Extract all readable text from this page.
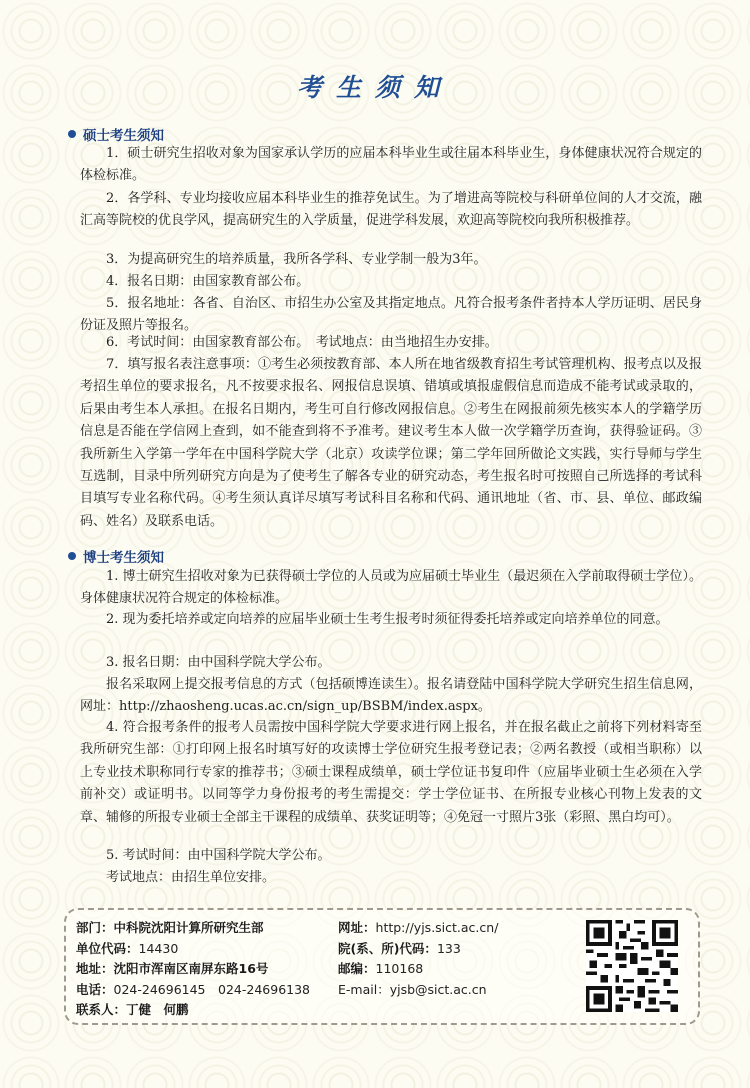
考生须知
硕士考生须知

1．硕士研究生招收对象为国家承认学历的应届本科毕业生或往届本科毕业生，身体健康状况符合规定的体检标准。

2．各学科、专业均接收应届本科毕业生的推荐免试生。为了增进高等院校与科研单位间的人才交流，融汇高等院校的优良学风，提高研究生的入学质量，促进学科发展，欢迎高等院校向我所积极推荐。

3．为提高研究生的培养质量，我所各学科、专业学制一般为3年。

4．报名日期：由国家教育部公布。

5．报名地址：各省、自治区、市招生办公室及其指定地点。凡符合报考条件者持本人学历证明、居民身份证及照片等报名。

6．考试时间：由国家教育部公布。　考试地点：由当地招生办安排。

7．填写报名表注意事项：①考生必须按教育部、本人所在地省级教育招生考试管理机构、报考点以及报考招生单位的要求报名，凡不按要求报名、网报信息误填、错填或填报虚假信息而造成不能考试或录取的，后果由考生本人承担。在报名日期内，考生可自行修改网报信息。②考生在网报前须先核实本人的学籍学历信息是否能在学信网上查到，如不能查到将不予准考。建议考生本人做一次学籍学历查询，获得验证码。③我所新生入学第一学年在中国科学院大学（北京）攻读学位课；第二学年回所做论文实践，实行导师与学生互选制，目录中所列研究方向是为了使考生了解各专业的研究动态，考生报名时可按照自己所选择的考试科目填写专业名称代码。④考生须认真详尽填写考试科目名称和代码、通讯地址（省、市、县、单位、邮政编码、姓名）及联系电话。

博士考生须知

1. 博士研究生招收对象为已获得硕士学位的人员或为应届硕士毕业生（最迟须在入学前取得硕士学位）。身体健康状况符合规定的体检标准。

2. 现为委托培养或定向培养的应届毕业硕士生考生报考时须征得委托培养或定向培养单位的同意。

3. 报名日期：由中国科学院大学公布。

报名采取网上提交报考信息的方式（包括硕博连读生）。报名请登陆中国科学院大学研究生招生信息网，网址：http://zhaosheng.ucas.ac.cn/sign_up/BSBM/index.aspx。

4. 符合报考条件的报考人员需按中国科学院大学要求进行网上报名，并在报名截止之前将下列材料寄至我所研究生部：①打印网上报名时填写好的攻读博士学位研究生报考登记表；②两名教授（或相当职称）以上专业技术职称同行专家的推荐书；③硕士课程成绩单，硕士学位证书复印件（应届毕业硕士生必须在入学前补交）或证明书。以同等学力身份报考的考生需提交：学士学位证书、在所报专业核心刊物上发表的文章、辅修的所报专业硕士全部主干课程的成绩单、获奖证明等；④免冠一寸照片3张（彩照、黑白均可）。

5. 考试时间：由中国科学院大学公布。

考试地点：由招生单位安排。

部门：中科院沈阳计算所研究生部
单位代码：14430
地址：沈阳市浑南区南屏东路16号
电话：024-24696145　024-24696138
联系人：丁健　何鹏
网址：http://yjs.sict.ac.cn/
院(系、所)代码：133
邮编：110168
E-mail：yjsb@sict.ac.cn
